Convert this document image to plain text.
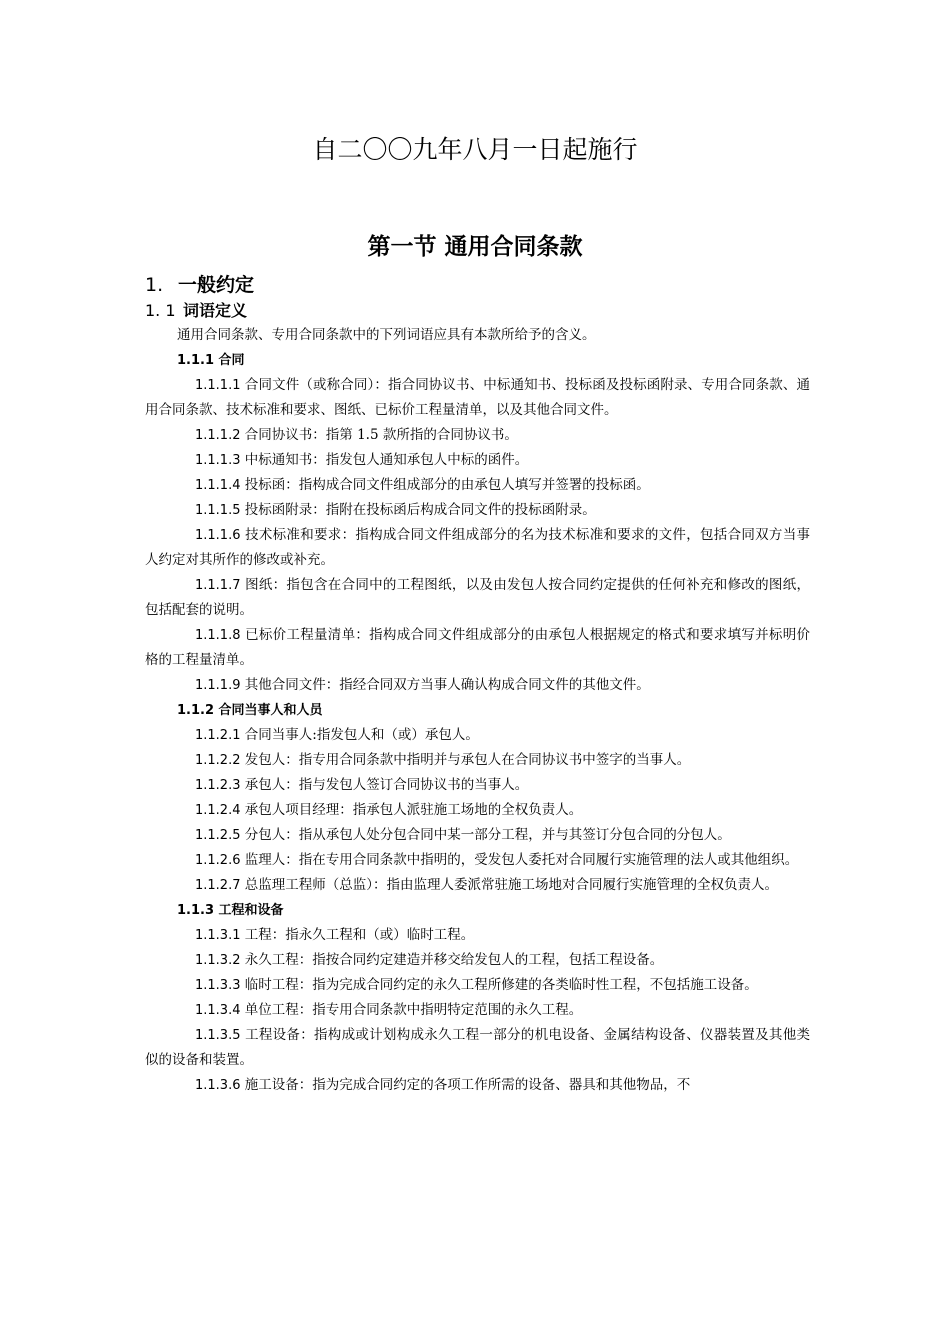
自二〇〇九年八月一日起施行
第一节 通用合同条款
1. 一般约定
1. 1 词语定义

通用合同条款、专用合同条款中的下列词语应具有本款所给予的含义。

1.1.1 合同

1.1.1.1 合同文件（或称合同）：指合同协议书、中标通知书、投标函及投标函附录、专用合同条款、通用合同条款、技术标准和要求、图纸、已标价工程量清单，以及其他合同文件。

1.1.1.2 合同协议书：指第 1.5 款所指的合同协议书。

1.1.1.3 中标通知书：指发包人通知承包人中标的函件。

1.1.1.4 投标函：指构成合同文件组成部分的由承包人填写并签署的投标函。

1.1.1.5 投标函附录：指附在投标函后构成合同文件的投标函附录。

1.1.1.6 技术标准和要求：指构成合同文件组成部分的名为技术标准和要求的文件，包括合同双方当事人约定对其所作的修改或补充。

1.1.1.7 图纸：指包含在合同中的工程图纸，以及由发包人按合同约定提供的任何补充和修改的图纸，包括配套的说明。

1.1.1.8 已标价工程量清单：指构成合同文件组成部分的由承包人根据规定的格式和要求填写并标明价格的工程量清单。

1.1.1.9 其他合同文件：指经合同双方当事人确认构成合同文件的其他文件。

1.1.2 合同当事人和人员

1.1.2.1 合同当事人:指发包人和（或）承包人。

1.1.2.2 发包人：指专用合同条款中指明并与承包人在合同协议书中签字的当事人。

1.1.2.3 承包人：指与发包人签订合同协议书的当事人。

1.1.2.4 承包人项目经理：指承包人派驻施工场地的全权负责人。

1.1.2.5 分包人：指从承包人处分包合同中某一部分工程，并与其签订分包合同的分包人。

1.1.2.6 监理人：指在专用合同条款中指明的，受发包人委托对合同履行实施管理的法人或其他组织。

1.1.2.7 总监理工程师（总监）：指由监理人委派常驻施工场地对合同履行实施管理的全权负责人。

1.1.3 工程和设备

1.1.3.1 工程：指永久工程和（或）临时工程。

1.1.3.2 永久工程：指按合同约定建造并移交给发包人的工程，包括工程设备。

1.1.3.3 临时工程：指为完成合同约定的永久工程所修建的各类临时性工程，不包括施工设备。

1.1.3.4 单位工程：指专用合同条款中指明特定范围的永久工程。

1.1.3.5 工程设备：指构成或计划构成永久工程一部分的机电设备、金属结构设备、仪器装置及其他类似的设备和装置。

1.1.3.6 施工设备：指为完成合同约定的各项工作所需的设备、器具和其他物品，不
